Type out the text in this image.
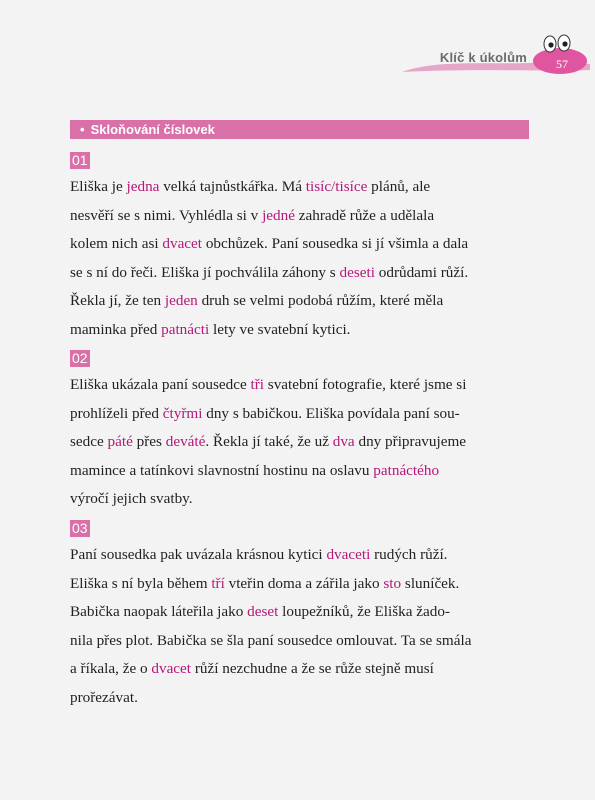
Klíč k úkolům 57
• Skloňování číslovek
01

Eliška je jedna velká tajnůstkářka. Má tisíc/tisíce plánů, ale
nesvěří se s nimi. Vyhlédla si v jedné zahradě růže a udělala
kolem nich asi dvacet obchůzek. Paní sousedka si jí všimla a dala
se s ní do řeči. Eliška jí pochválila záhony s deseti odrůdami růží.
Řekla jí, že ten jeden druh se velmi podobá růžím, které měla
maminka před patnácti lety ve svatební kytici.

02

Eliška ukázala paní sousedce tři svatební fotografie, které jsme si
prohlíželi před čtyřmi dny s babičkou. Eliška povídala paní sou-
sedce páté přes deváté. Řekla jí také, že už dva dny připravujeme
mamince a tatínkovi slavnostní hostinu na oslavu patnáctého
výročí jejich svatby.

03

Paní sousedka pak uvázala krásnou kytici dvaceti rudých růží.
Eliška s ní byla během tří vteřin doma a zářila jako sto sluníček.
Babička naopak láteřila jako deset loupežníků, že Eliška žado-
nila přes plot. Babička se šla paní sousedce omlouvat. Ta se smála
a říkala, že o dvacet růží nezchudne a že se růže stejně musí
prořezávat.
